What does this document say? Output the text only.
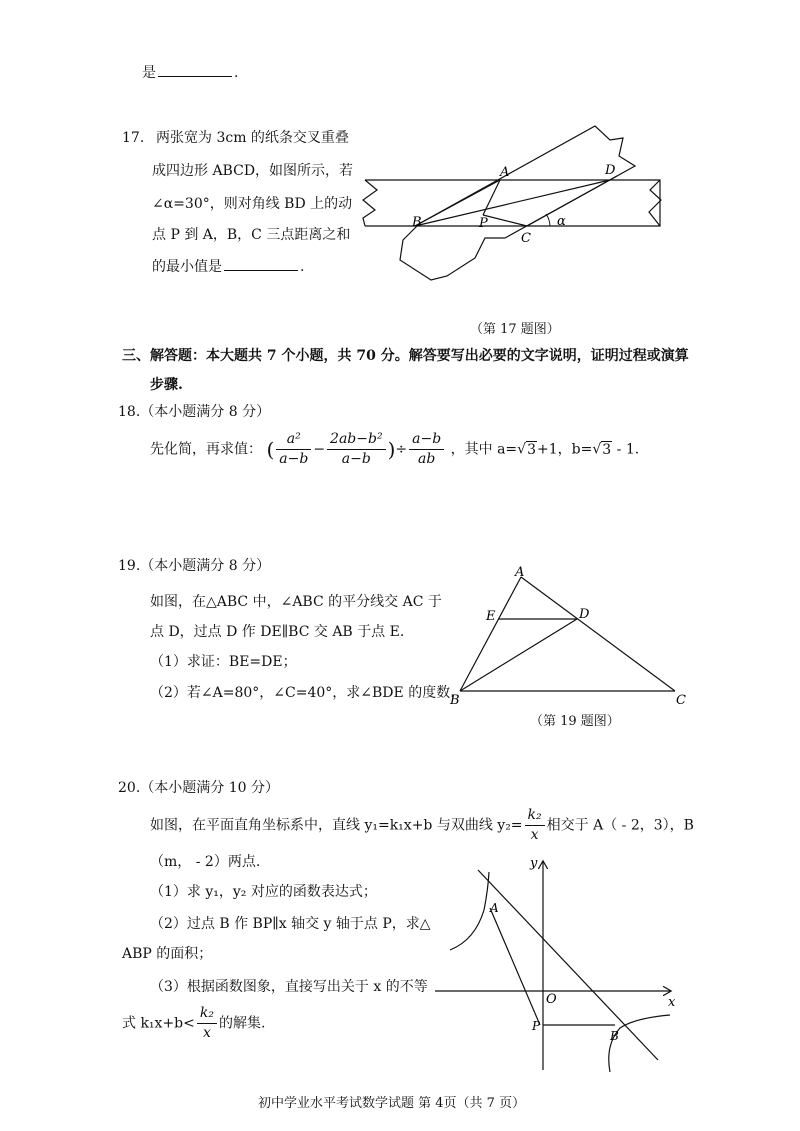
是	.
17. 两张宽为 3cm 的纸条交叉重叠
成四边形 ABCD，如图所示，若
∠α=30°，则对角线 BD 上的动
点 P 到 A，B，C 三点距离之和
的最小值是	.
A	D
B	P
C
α
（第 17 题图）
三、解答题：本大题共 7 个小题，共 70 分。解答要写出必要的文字说明，证明过程或演算
步骤.
18.（本小题满分 8 分）
先化简，再求值： ( $\frac{\text{a²}}{a-b} - \frac{\text{2ab−b²}}{a-b}$ )÷ $\frac{a-b}{ab}$ ，其中 a=√3+1，b=√3 - 1.
19.（本小题满分 8 分）
如图，在△ABC 中，∠ABC 的平分线交 AC 于
点 D，过点 D 作 DE∥BC 交 AB 于点 E.
（1）求证：BE=DE；
（2）若∠A=80°，∠C=40°，求∠BDE 的度数.
A
E	D
B	C
（第 19 题图）
20.（本小题满分 10 分）
如图，在平面直角坐标系中，直线 y₁=k₁x+b 与双曲线 $y_2= \frac{\text{k₂}}{x}$ 相交于 A（ - 2，3），B
（m， - 2）两点.
（1）求 y₁，y₂ 对应的函数表达式；
（2）过点 B 作 BP∥x 轴交 y 轴于点 P，求△
ABP 的面积；
（3）根据函数图象，直接写出关于 x 的不等
式 $k_1x+b< \frac{\text{k₂}}{x}$ 的解集.
y
x
O
A
P
B
初中学业水平考试数学试题 第 4页（共 7 页）
